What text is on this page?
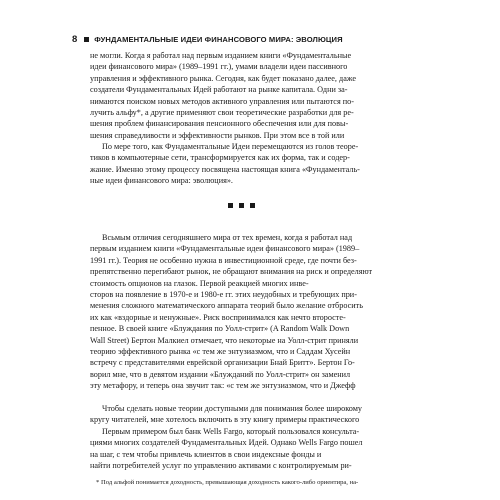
8 ФУНДАМЕНТАЛЬНЫЕ ИДЕИ ФИНАНСОВОГО МИРА: ЭВОЛЮЦИЯ

не могли. Когда я работал над первым изданием книги «Фундаментальные
идеи финансового мира» (1989–1991 гг.), умами владели идеи пассивного
управления и эффективного рынка. Сегодня, как будет показано далее, даже
создатели Фундаментальных Идей работают на рынке капитала. Одни за-
нимаются поиском новых методов активного управления или пытаются по-
лучить альфу*, а другие применяют свои теоретические разработки для ре-
шения проблем финансирования пенсионного обеспечения или для повы-
шения справедливости и эффективности рынков. При этом все в той или

По мере того, как Фундаментальные Идеи перемещаются из голов теоре-
тиков в компьютерные сети, трансформируется как их форма, так и содер-
жание. Именно этому процессу посвящена настоящая книга «Фундаменталь-
ные идеи финансового мира: эволюция».

Всьмым отличия сегодняшнего мира от тех времен, когда я работал над
первым изданием книги «Фундаментальные идеи финансового мира» (1989–
1991 гг.). Теория не особенно нужна в инвестиционной среде, где почти без-
препятственно перегибают рынок, не обращают внимания на риск и определяют
стоимость опционов на глазок. Первой реакцией многих инве-
сторов на появление в 1970-е и 1980-е гг. этих неудобных и требующих при-
менения сложного математического аппарата теорий было желание отбросить
их как «вздорные и ненужные». Риск воспринимался как нечто второсте-
пенное. В своей книге «Блуждания по Уолл-стрит» (A Random Walk Down
Wall Street) Бертон Малкиел отмечает, что некоторые на Уолл-стрит приняли
теорию эффективного рынка «с тем же энтузиазмом, что и Саддам Хусейн
встречу с представителями еврейской организации Бнай Бритт». Бертон Го-
ворил мне, что в девятом издании «Блужданий по Уолл-стрит» он заменил
эту метафору, и теперь она звучит так: «с тем же энтузиазмом, что и Джефф

Чтобы сделать новые теории доступными для понимания более широкому
кругу читателей, мне хотелось включить в эту книгу примеры практического

Первым примером был банк Wells Fargo, который пользовался консульта-
циями многих создателей Фундаментальных Идей. Однако Wells Fargo пошел
на шаг, с тем чтобы привлечь клиентов в свои индексные фонды и
найти потребителей услуг по управлению активами с контролируемым ри-

* Под альфой понимается доходность, превышающая доходность какого-либо ориентира, на-
